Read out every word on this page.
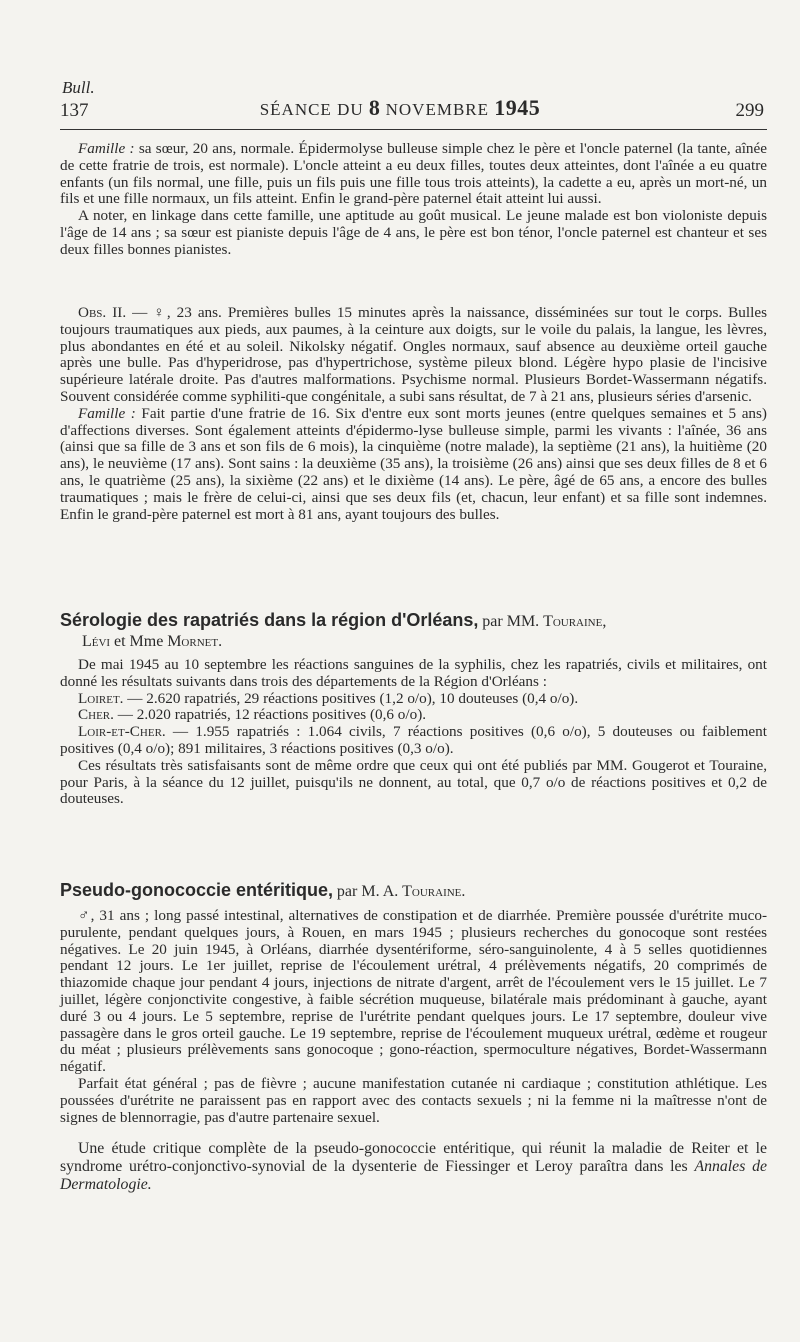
Bull.
137	SÉANCE DU 8 NOVEMBRE 1945	299

Famille : sa sœur, 20 ans, normale. Épidermolyse bulleuse simple chez le père et l'oncle paternel (la tante, aînée de cette fratrie de trois, est normale). L'oncle atteint a eu deux filles, toutes deux atteintes, dont l'aînée a eu quatre enfants (un fils normal, une fille, puis un fils puis une fille tous trois atteints), la cadette a eu, après un mort-né, un fils et une fille normaux, un fils atteint. Enfin le grand-père paternel était atteint lui aussi.

A noter, en linkage dans cette famille, une aptitude au goût musical. Le jeune malade est bon violoniste depuis l'âge de 14 ans ; sa sœur est pianiste depuis l'âge de 4 ans, le père est bon ténor, l'oncle paternel est chanteur et ses deux filles bonnes pianistes.

Obs. II. — ♀, 23 ans. Premières bulles 15 minutes après la naissance, disséminées sur tout le corps. Bulles toujours traumatiques aux pieds, aux paumes, à la ceinture aux doigts, sur le voile du palais, la langue, les lèvres, plus abondantes en été et au soleil. Nikolsky négatif. Ongles normaux, sauf absence au deuxième orteil gauche après une bulle. Pas d'hyperidrose, pas d'hypertrichose, système pileux blond. Légère hypo plasie de l'incisive supérieure latérale droite. Pas d'autres malformations. Psychisme normal. Plusieurs Bordet-Wassermann négatifs. Souvent considérée comme syphiliti-que congénitale, a subi sans résultat, de 7 à 21 ans, plusieurs séries d'arsenic.

Famille : Fait partie d'une fratrie de 16. Six d'entre eux sont morts jeunes (entre quelques semaines et 5 ans) d'affections diverses. Sont également atteints d'épidermo-lyse bulleuse simple, parmi les vivants : l'aînée, 36 ans (ainsi que sa fille de 3 ans et son fils de 6 mois), la cinquième (notre malade), la septième (21 ans), la huitième (20 ans), le neuvième (17 ans). Sont sains : la deuxième (35 ans), la troisième (26 ans) ainsi que ses deux filles de 8 et 6 ans, le quatrième (25 ans), la sixième (22 ans) et le dixième (14 ans). Le père, âgé de 65 ans, a encore des bulles traumatiques ; mais le frère de celui-ci, ainsi que ses deux fils (et, chacun, leur enfant) et sa fille sont indemnes. Enfin le grand-père paternel est mort à 81 ans, ayant toujours des bulles.

Sérologie des rapatriés dans la région d'Orléans, par MM. Touraine,
Lévi et Mme Mornet.

De mai 1945 au 10 septembre les réactions sanguines de la syphilis, chez les rapatriés, civils et militaires, ont donné les résultats suivants dans trois des départements de la Région d'Orléans :

Loiret. — 2.620 rapatriés, 29 réactions positives (1,2 o/o), 10 douteuses (0,4 o/o).

Cher. — 2.020 rapatriés, 12 réactions positives (0,6 o/o).

Loir-et-Cher. — 1.955 rapatriés : 1.064 civils, 7 réactions positives (0,6 o/o), 5 douteuses ou faiblement positives (0,4 o/o); 891 militaires, 3 réactions positives (0,3 o/o).

Ces résultats très satisfaisants sont de même ordre que ceux qui ont été publiés par MM. Gougerot et Touraine, pour Paris, à la séance du 12 juillet, puisqu'ils ne donnent, au total, que 0,7 o/o de réactions positives et 0,2 de douteuses.

Pseudo-gonococcie entéritique, par M. A. Touraine.

♂, 31 ans ; long passé intestinal, alternatives de constipation et de diarrhée. Première poussée d'urétrite muco-purulente, pendant quelques jours, à Rouen, en mars 1945 ; plusieurs recherches du gonocoque sont restées négatives. Le 20 juin 1945, à Orléans, diarrhée dysentériforme, séro-sanguinolente, 4 à 5 selles quotidiennes pendant 12 jours. Le 1er juillet, reprise de l'écoulement urétral, 4 prélèvements négatifs, 20 comprimés de thiazomide chaque jour pendant 4 jours, injections de nitrate d'argent, arrêt de l'écoulement vers le 15 juillet. Le 7 juillet, légère conjonctivite congestive, à faible sécrétion muqueuse, bilatérale mais prédominant à gauche, ayant duré 3 ou 4 jours. Le 5 septembre, reprise de l'urétrite pendant quelques jours. Le 17 septembre, douleur vive passagère dans le gros orteil gauche. Le 19 septembre, reprise de l'écoulement muqueux urétral, œdème et rougeur du méat ; plusieurs prélèvements sans gonocoque ; gono-réaction, spermoculture négatives, Bordet-Wassermann négatif.

Parfait état général ; pas de fièvre ; aucune manifestation cutanée ni cardiaque ; constitution athlétique. Les poussées d'urétrite ne paraissent pas en rapport avec des contacts sexuels ; ni la femme ni la maîtresse n'ont de signes de blennorragie, pas d'autre partenaire sexuel.

Une étude critique complète de la pseudo-gonococcie entéritique, qui réunit la maladie de Reiter et le syndrome urétro-conjonctivo-synovial de la dysenterie de Fiessinger et Leroy paraîtra dans les Annales de Dermatologie.
